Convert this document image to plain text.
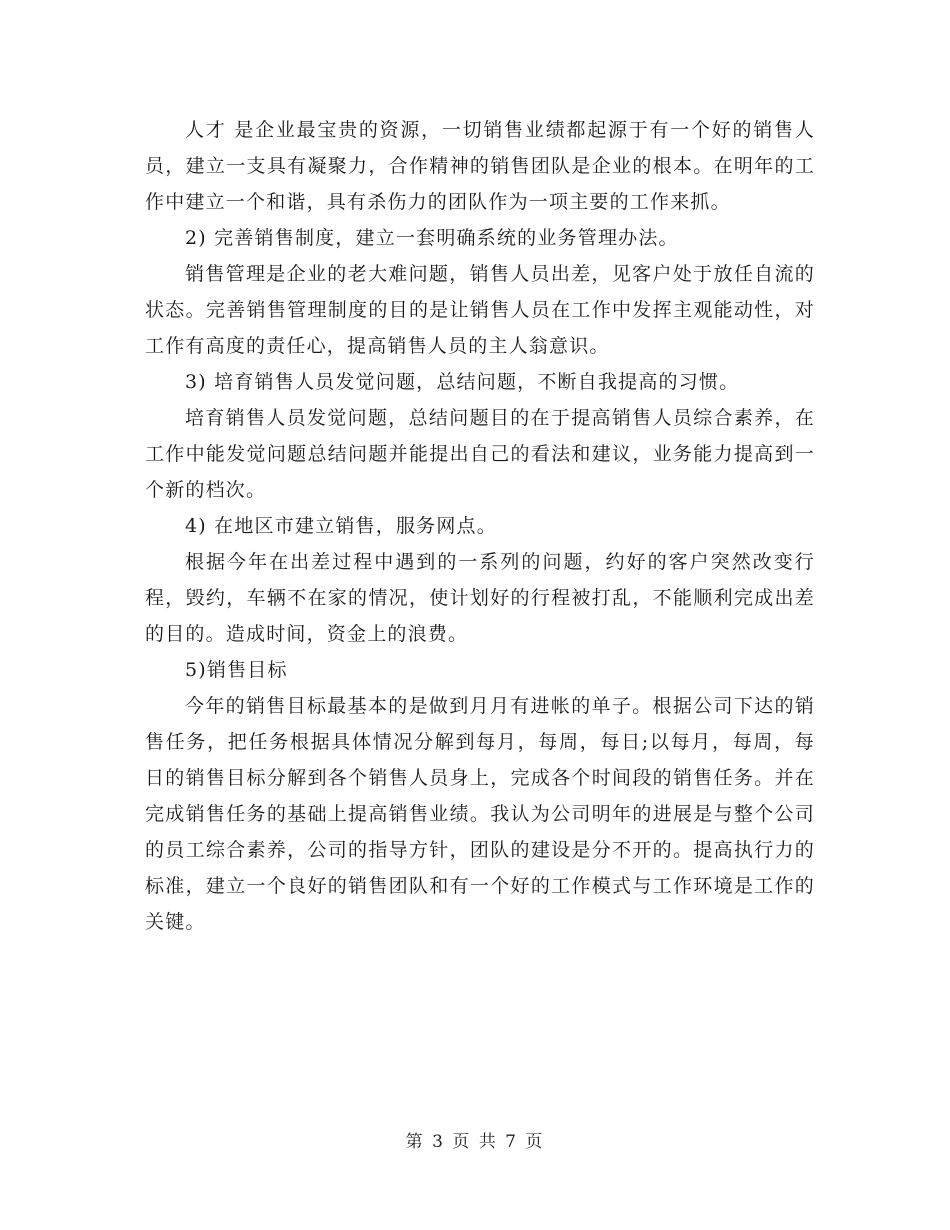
人才 是企业最宝贵的资源，一切销售业绩都起源于有一个好的销售人员，建立一支具有凝聚力，合作精神的销售团队是企业的根本。在明年的工作中建立一个和谐，具有杀伤力的团队作为一项主要的工作来抓。

2) 完善销售制度，建立一套明确系统的业务管理办法。

销售管理是企业的老大难问题，销售人员出差，见客户处于放任自流的状态。完善销售管理制度的目的是让销售人员在工作中发挥主观能动性，对工作有高度的责任心，提高销售人员的主人翁意识。

3) 培育销售人员发觉问题，总结问题，不断自我提高的习惯。

培育销售人员发觉问题，总结问题目的在于提高销售人员综合素养，在工作中能发觉问题总结问题并能提出自己的看法和建议，业务能力提高到一个新的档次。

4) 在地区市建立销售，服务网点。

根据今年在出差过程中遇到的一系列的问题，约好的客户突然改变行程，毁约，车辆不在家的情况，使计划好的行程被打乱，不能顺利完成出差的目的。造成时间，资金上的浪费。

5)销售目标

今年的销售目标最基本的是做到月月有进帐的单子。根据公司下达的销售任务，把任务根据具体情况分解到每月，每周，每日;以每月，每周，每日的销售目标分解到各个销售人员身上，完成各个时间段的销售任务。并在完成销售任务的基础上提高销售业绩。我认为公司明年的进展是与整个公司的员工综合素养，公司的指导方针，团队的建设是分不开的。提高执行力的标准，建立一个良好的销售团队和有一个好的工作模式与工作环境是工作的关键。

第 3 页 共 7 页
